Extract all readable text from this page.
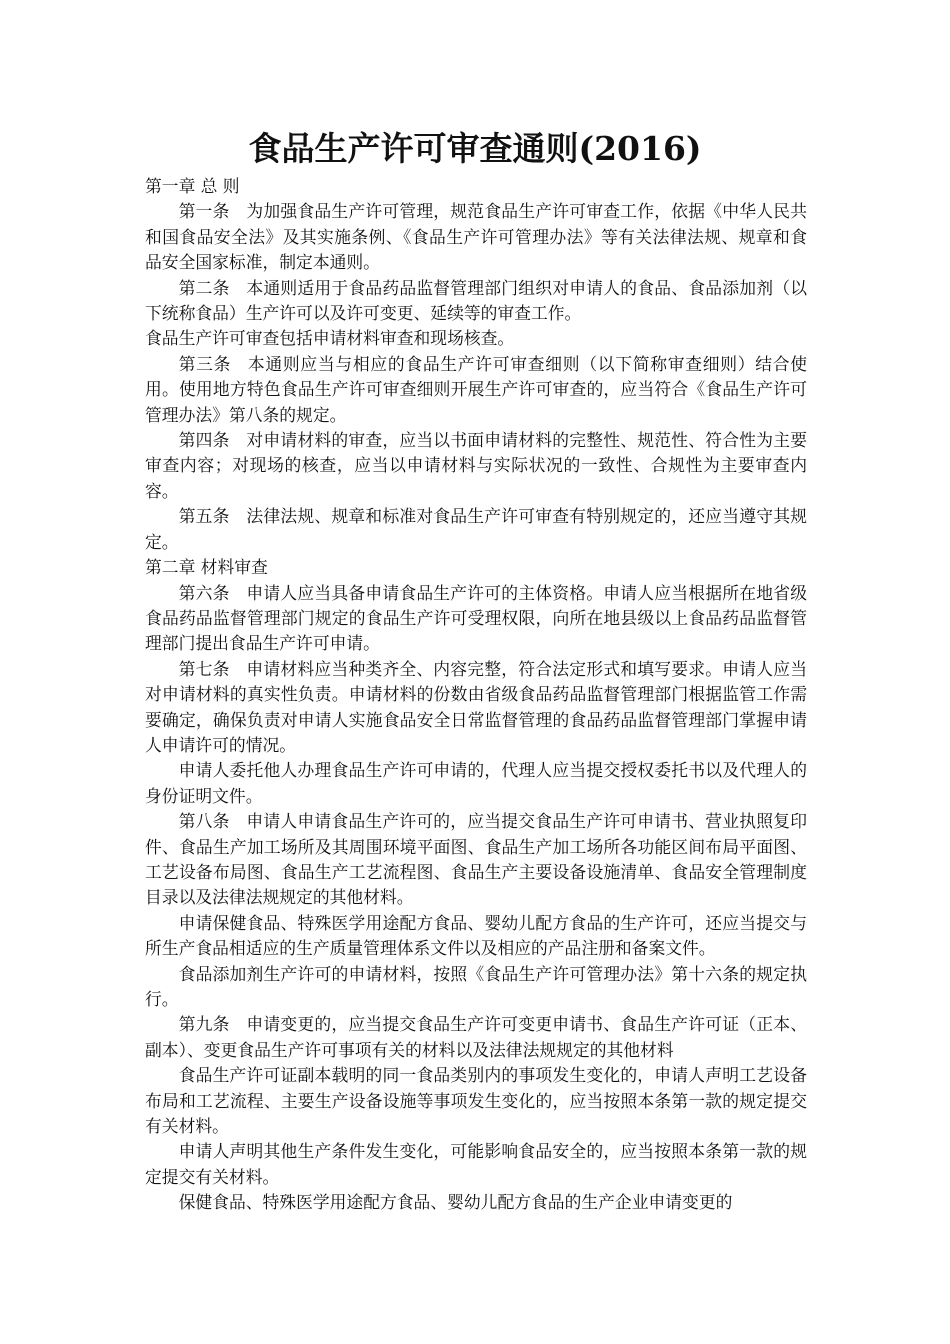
食品生产许可审查通则(2016)

第一章 总 则

第一条 为加强食品生产许可管理，规范食品生产许可审查工作，依据《中华人民共和国食品安全法》及其实施条例、《食品生产许可管理办法》等有关法律法规、规章和食品安全国家标准，制定本通则。

第二条 本通则适用于食品药品监督管理部门组织对申请人的食品、食品添加剂（以下统称食品）生产许可以及许可变更、延续等的审查工作。

食品生产许可审查包括申请材料审查和现场核查。

第三条 本通则应当与相应的食品生产许可审查细则（以下简称审查细则）结合使用。使用地方特色食品生产许可审查细则开展生产许可审查的，应当符合《食品生产许可管理办法》第八条的规定。

第四条 对申请材料的审查，应当以书面申请材料的完整性、规范性、符合性为主要审查内容；对现场的核查，应当以申请材料与实际状况的一致性、合规性为主要审查内容。

第五条 法律法规、规章和标准对食品生产许可审查有特别规定的，还应当遵守其规定。

第二章 材料审查

第六条 申请人应当具备申请食品生产许可的主体资格。申请人应当根据所在地省级食品药品监督管理部门规定的食品生产许可受理权限，向所在地县级以上食品药品监督管理部门提出食品生产许可申请。

第七条 申请材料应当种类齐全、内容完整，符合法定形式和填写要求。申请人应当对申请材料的真实性负责。申请材料的份数由省级食品药品监督管理部门根据监管工作需要确定，确保负责对申请人实施食品安全日常监督管理的食品药品监督管理部门掌握申请人申请许可的情况。

申请人委托他人办理食品生产许可申请的，代理人应当提交授权委托书以及代理人的身份证明文件。

第八条 申请人申请食品生产许可的，应当提交食品生产许可申请书、营业执照复印件、食品生产加工场所及其周围环境平面图、食品生产加工场所各功能区间布局平面图、工艺设备布局图、食品生产工艺流程图、食品生产主要设备设施清单、食品安全管理制度目录以及法律法规规定的其他材料。

申请保健食品、特殊医学用途配方食品、婴幼儿配方食品的生产许可，还应当提交与所生产食品相适应的生产质量管理体系文件以及相应的产品注册和备案文件。

食品添加剂生产许可的申请材料，按照《食品生产许可管理办法》第十六条的规定执行。

第九条 申请变更的，应当提交食品生产许可变更申请书、食品生产许可证（正本、副本）、变更食品生产许可事项有关的材料以及法律法规规定的其他材料

食品生产许可证副本载明的同一食品类别内的事项发生变化的，申请人声明工艺设备布局和工艺流程、主要生产设备设施等事项发生变化的，应当按照本条第一款的规定提交有关材料。

申请人声明其他生产条件发生变化，可能影响食品安全的，应当按照本条第一款的规定提交有关材料。

保健食品、特殊医学用途配方食品、婴幼儿配方食品的生产企业申请变更的
